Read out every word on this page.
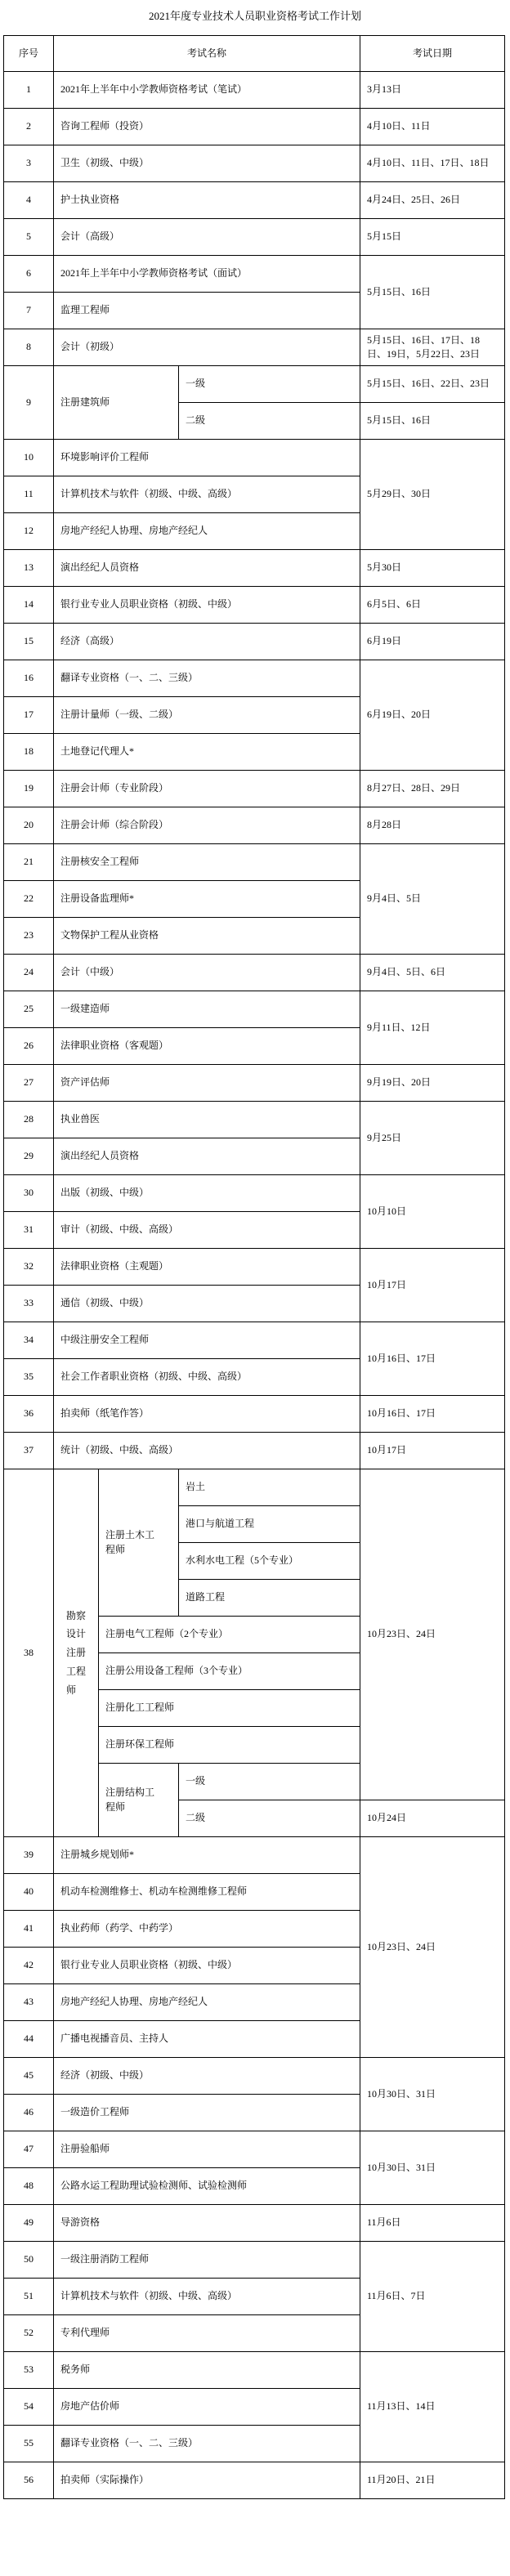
2021年度专业技术人员职业资格考试工作计划
序号	考试名称			考试日期
1	2021年上半年中小学教师资格考试（笔试）			3月13日
2	咨询工程师（投资）			4月10日、11日
3	卫生（初级、中级）			4月10日、11日、17日、18日
4	护士执业资格			4月24日、25日、26日
5	会计（高级）			5月15日
6	2021年上半年中小学教师资格考试（面试）			5月15日、16日
7	监理工程师			
8	会计（初级）			5月15日、16日、17日、18日、19日，5月22日、23日
9	注册建筑师		一级	5月15日、16日、22日、23日
			二级	5月15日、16日
10	环境影响评价工程师			5月29日、30日
11	计算机技术与软件（初级、中级、高级）			
12	房地产经纪人协理、房地产经纪人			
13	演出经纪人员资格			5月30日
14	银行业专业人员职业资格（初级、中级）			6月5日、6日
15	经济（高级）			6月19日
16	翻译专业资格（一、二、三级）			6月19日、20日
17	注册计量师（一级、二级）			
18	土地登记代理人*			
19	注册会计师（专业阶段）			8月27日、28日、29日
20	注册会计师（综合阶段）			8月28日
21	注册核安全工程师			9月4日、5日
22	注册设备监理师*			
23	文物保护工程从业资格			
24	会计（中级）			9月4日、5日、6日
25	一级建造师			9月11日、12日
26	法律职业资格（客观题）			
27	资产评估师			9月19日、20日
28	执业兽医			9月25日
29	演出经纪人员资格			
30	出版（初级、中级）			10月10日
31	审计（初级、中级、高级）			
32	法律职业资格（主观题）			10月17日
33	通信（初级、中级）			
34	中级注册安全工程师			10月16日、17日
35	社会工作者职业资格（初级、中级、高级）			
36	拍卖师（纸笔作答）			10月16日、17日
37	统计（初级、中级、高级）			10月17日
38	勘察设计注册工程师	注册土木工程师	岩土	10月23日、24日
			港口与航道工程	
			水利水电工程（5个专业）	
			道路工程	
		注册电气工程师（2个专业）		
		注册公用设备工程师（3个专业）		
		注册化工工程师		
		注册环保工程师		

		注册结构工程师	一级	
			二级	10月24日
39	注册城乡规划师*			10月23日、24日
40	机动车检测维修士、机动车检测维修工程师			
41	执业药师（药学、中药学）			
42	银行业专业人员职业资格（初级、中级）			
43	房地产经纪人协理、房地产经纪人			
44	广播电视播音员、主持人			
45	经济（初级、中级）			10月30日、31日
46	一级造价工程师			
47	注册验船师			10月30日、31日
48	公路水运工程助理试验检测师、试验检测师			
49	导游资格			11月6日
50	一级注册消防工程师			11月6日、7日
51	计算机技术与软件（初级、中级、高级）			
52	专利代理师			
53	税务师			11月13日、14日
54	房地产估价师			
55	翻译专业资格（一、二、三级）			
56	拍卖师（实际操作）			11月20日、21日
